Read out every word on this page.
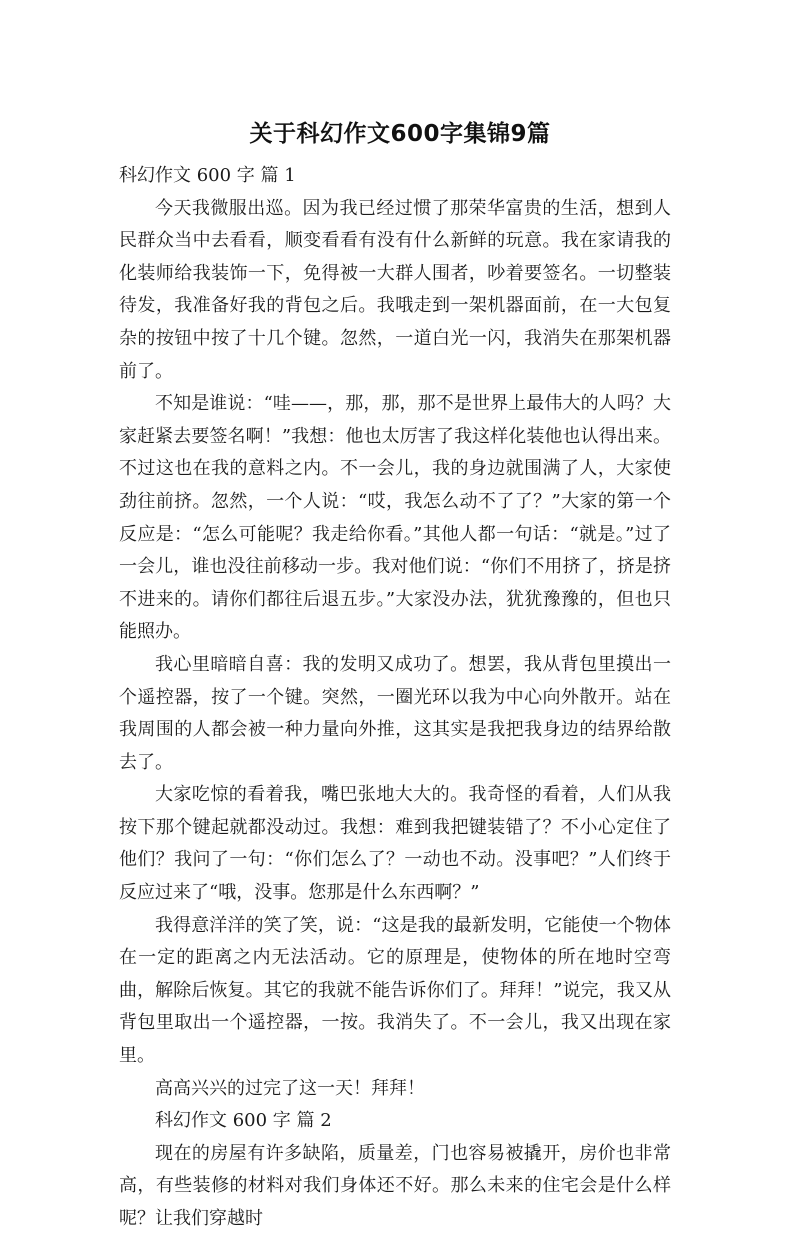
关于科幻作文600字集锦9篇

科幻作文 600 字 篇 1

今天我微服出巡。因为我已经过惯了那荣华富贵的生活，想到人民群众当中去看看，顺变看看有没有什么新鲜的玩意。我在家请我的化装师给我装饰一下，免得被一大群人围者，吵着要签名。一切整装待发，我准备好我的背包之后。我哦走到一架机器面前，在一大包复杂的按钮中按了十几个键。忽然，一道白光一闪，我消失在那架机器前了。

不知是谁说：“哇——，那，那，那不是世界上最伟大的人吗？大家赶紧去要签名啊！”我想：他也太厉害了我这样化装他也认得出来。不过这也在我的意料之内。不一会儿，我的身边就围满了人，大家使劲往前挤。忽然，一个人说：“哎，我怎么动不了了？”大家的第一个反应是：“怎么可能呢？我走给你看。”其他人都一句话：“就是。”过了一会儿，谁也没往前移动一步。我对他们说：“你们不用挤了，挤是挤不进来的。请你们都往后退五步。”大家没办法，犹犹豫豫的，但也只能照办。

我心里暗暗自喜：我的发明又成功了。想罢，我从背包里摸出一个遥控器，按了一个键。突然，一圈光环以我为中心向外散开。站在我周围的人都会被一种力量向外推，这其实是我把我身边的结界给散去了。

大家吃惊的看着我，嘴巴张地大大的。我奇怪的看着，人们从我按下那个键起就都没动过。我想：难到我把键装错了？不小心定住了他们？我问了一句：“你们怎么了？一动也不动。没事吧？”人们终于反应过来了“哦，没事。您那是什么东西啊？”

我得意洋洋的笑了笑，说：“这是我的最新发明，它能使一个物体在一定的距离之内无法活动。它的原理是，使物体的所在地时空弯曲，解除后恢复。其它的我就不能告诉你们了。拜拜！”说完，我又从背包里取出一个遥控器，一按。我消失了。不一会儿，我又出现在家里。

高高兴兴的过完了这一天！拜拜！

科幻作文 600 字 篇 2

现在的房屋有许多缺陷，质量差，门也容易被撬开，房价也非常高，有些装修的材料对我们身体还不好。那么未来的住宅会是什么样呢？让我们穿越时
